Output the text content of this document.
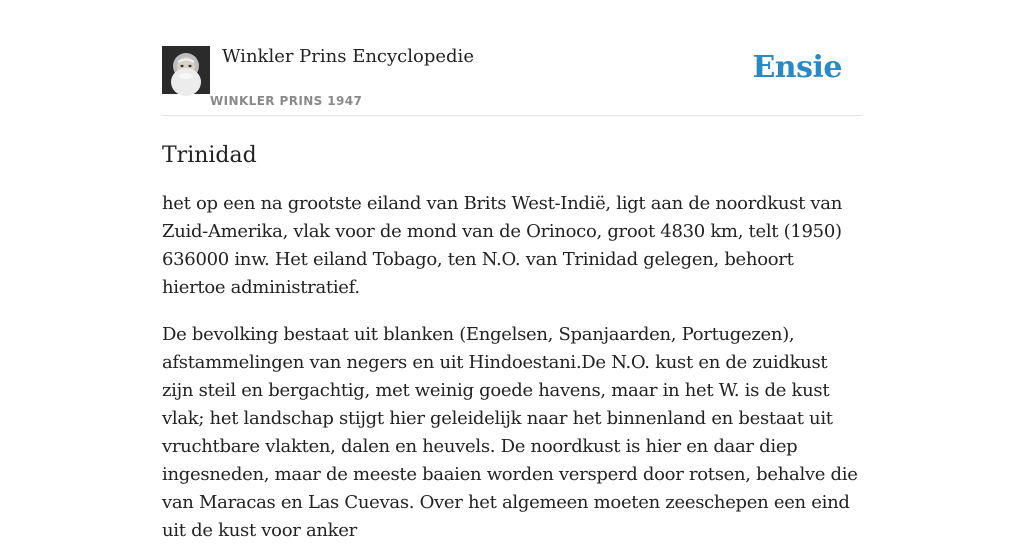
Winkler Prins Encyclopedie
WINKLER PRINS 1947
Ensie
Trinidad

het op een na grootste eiland van Brits West-Indië, ligt aan de noordkust van Zuid-Amerika, vlak voor de mond van de Orinoco, groot 4830 km, telt (1950) 636000 inw. Het eiland Tobago, ten N.O. van Trinidad gelegen, behoort hiertoe administratief.

De bevolking bestaat uit blanken (Engelsen, Spanjaarden, Portugezen), afstammelingen van negers en uit Hindoestani.De N.O. kust en de zuidkust zijn steil en bergachtig, met weinig goede havens, maar in het W. is de kust vlak; het landschap stijgt hier geleidelijk naar het binnenland en bestaat uit vruchtbare vlakten, dalen en heuvels. De noordkust is hier en daar diep ingesneden, maar de meeste baaien worden versperd door rotsen, behalve die van Maracas en Las Cuevas. Over het algemeen moeten zeeschepen een eind uit de kust voor anker
